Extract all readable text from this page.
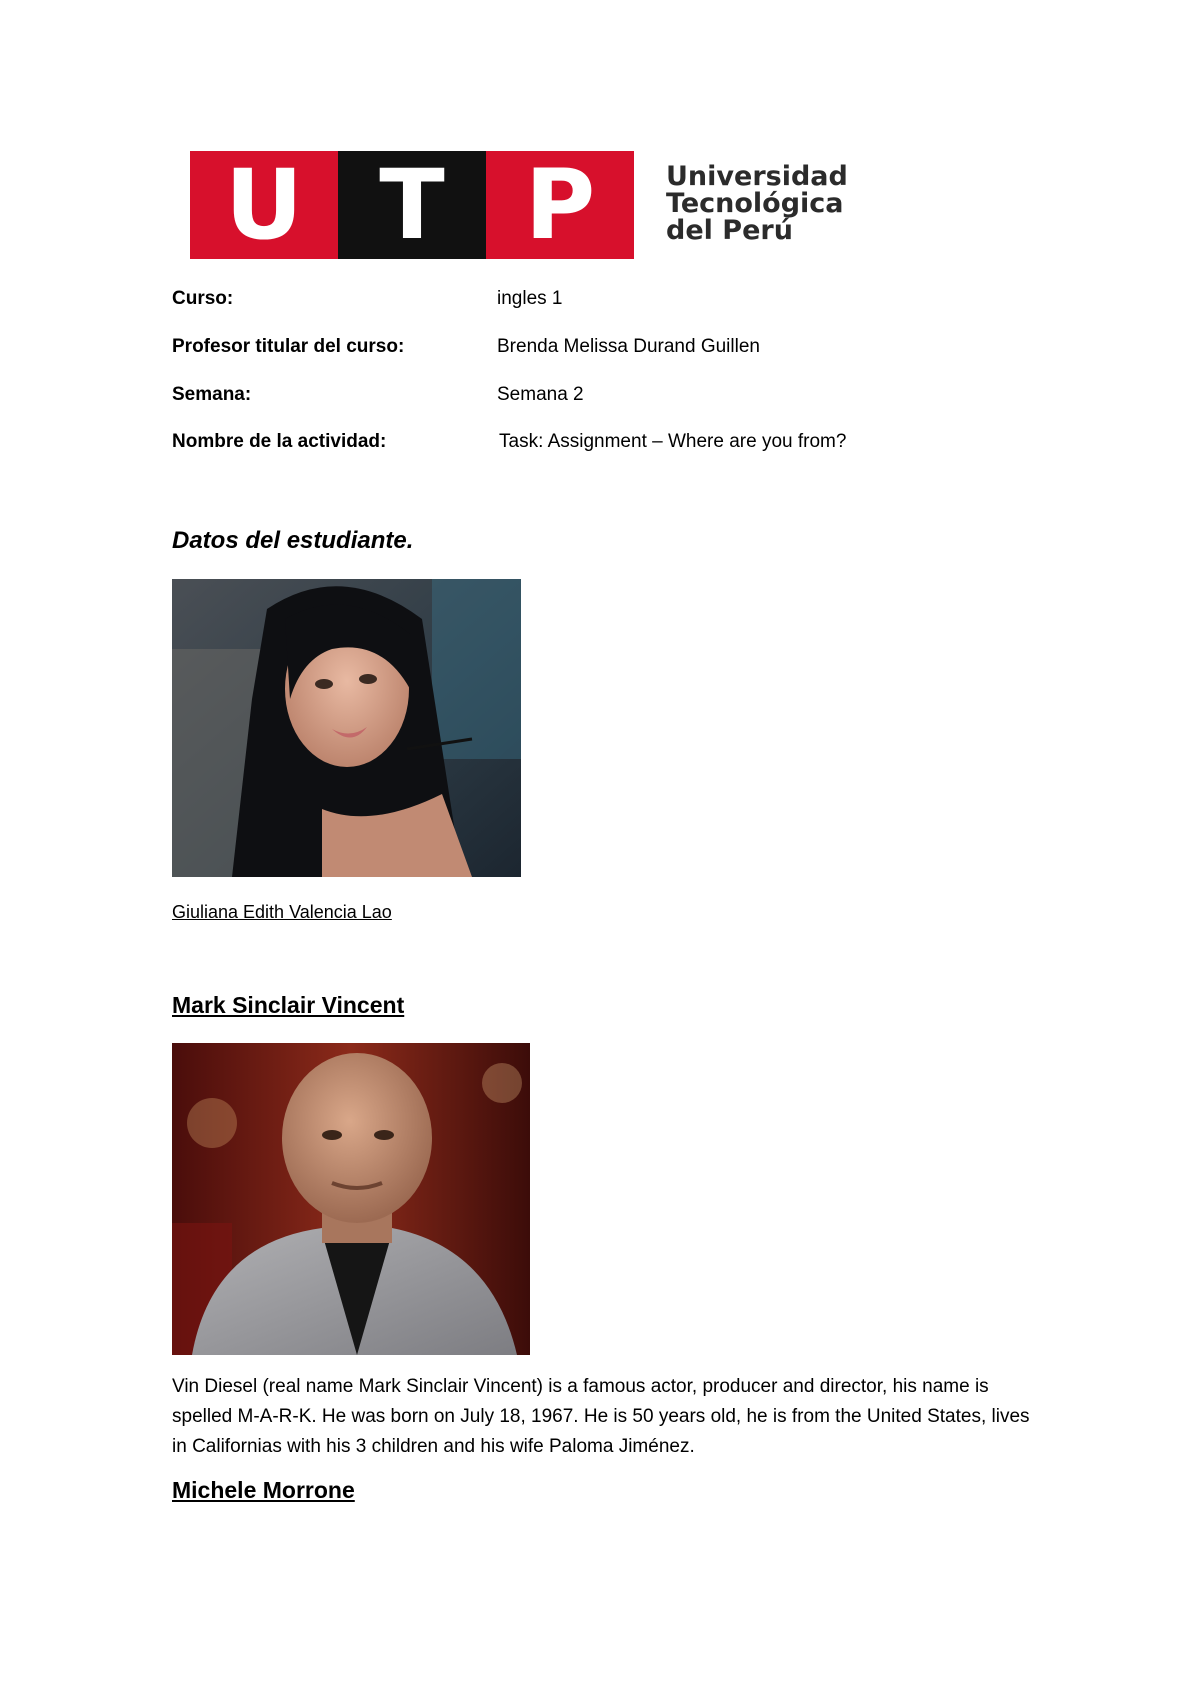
U T P	Universidad
Tecnológica
del Perú
Curso:	ingles 1
Profesor titular del curso:	Brenda Melissa Durand Guillen
Semana:	Semana 2
Nombre de la actividad:	Task: Assignment – Where are you from?
Datos del estudiante.
Giuliana Edith Valencia Lao
Mark Sinclair Vincent
Vin Diesel (real name Mark Sinclair Vincent) is a famous actor, producer and director, his name is spelled M-A-R-K. He was born on July 18, 1967. He is 50 years old, he is from the United States, lives in Californias with his 3 children and his wife Paloma Jiménez.
Michele Morrone
